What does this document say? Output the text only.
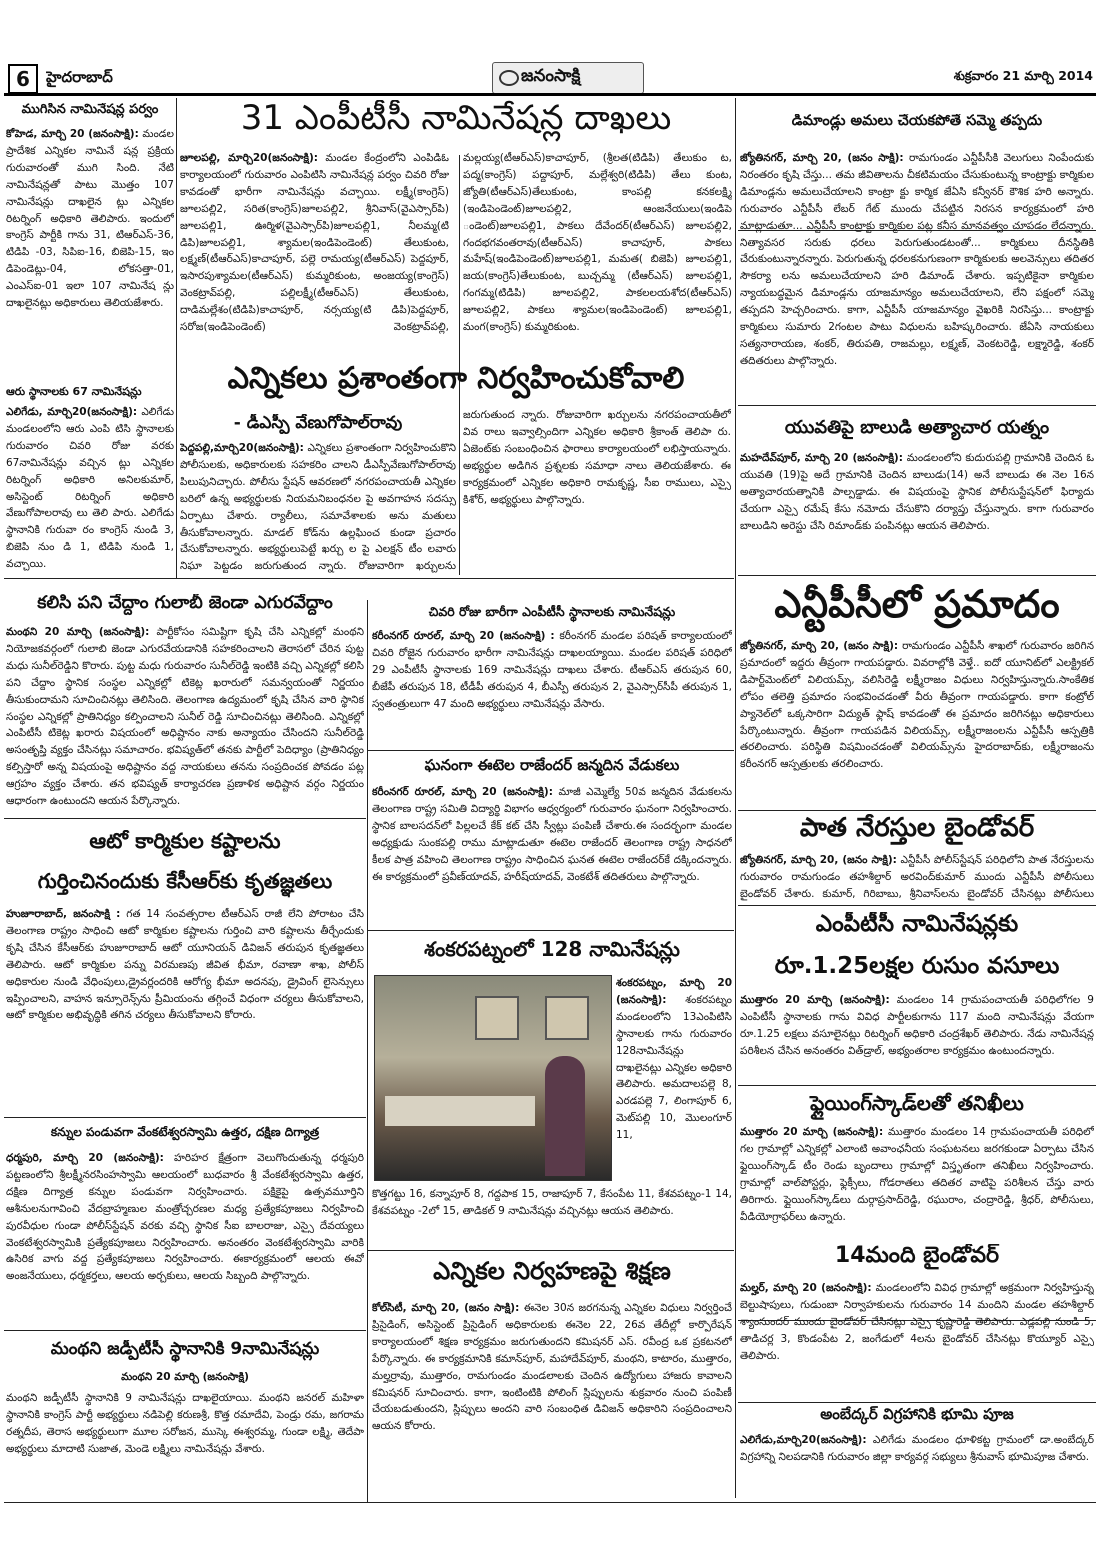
6	హైదరాబాద్	జనంసాక్షి	శుక్రవారం 21 మార్చి 2014
ముగిసిన నామినేషన్ల పర్వం
కోహెడ, మార్చి 20 (జనంసాక్షి): మండల ప్రాదేశిక ఎన్నికల నామినే షన్ల ప్రక్రియ గురువారంతో ముగి సింది. నేటి నామినేషన్లతో పాటు మొత్తం 107 నామినేషన్లు దాఖలైన ట్లు ఎన్నికల రిటర్నింగ్ అధికారి తెలిపారు. ఇందులో కాంగ్రెస్ పార్టీకి గాను 31, టిఆర్ఎస్-36, టిడిపి -03, సిపిఐ-16, బిజెపి-15, ఇం డిపెండెట్లు-04, లోకసత్తా-01, ఎంఎస్ఐ-01 ఇలా 107 నామినేష న్లు దాఖలైనట్లు అధికారులు తెలియజేశారు.
ఆరు స్థానాలకు 67 నామినేషన్లు
ఎలిగేడు, మార్చి20(జనంసాక్షి): ఎలిగేడు మండలంలోని ఆరు ఎంపి టిసి స్థానాలకు గురువారం చివరి రోజు వరకు 67నామినేషన్లు వచ్చిన ట్లు ఎన్నికల రిటర్నింగ్ అధికారి అనిలకుమార్, అసిస్టెంట్ రిటర్నింగ్ అధికారి వేణుగోపాలరావు లు తెలి పారు. ఎలిగేడు స్థానానికి గురువా రం కాంగ్రెస్ నుండి 3, బిజెపి నుం డి 1, టిడిపి నుండి 1, వచ్చాయి.
31 ఎంపీటీసీ నామినేషన్ల దాఖలు
జూలపల్లి, మార్చి20(జనంసాక్షి): మండల కేంద్రంలోని ఎంపిడిఓ కార్యాలయంలో గురువారం ఎంపిటిసి నామినేషన్ల పర్వం చివరి రోజు కావడంతో భారీగా నామినేషన్లు వచ్చాయి. లక్ష్మీ(కాంగ్రెస్) జూలపల్లి2, సరిత(కాంగ్రెస్)జూలపల్లి2, శ్రీనివాస్(వైఎస్సార్‌పి) జూలపల్లి1, ఊర్మిళ(వైఎస్సార్‌పి)జూలపల్లి1, నీలమ్మ(టి డిపి)జూలపల్లి1, శ్యామల(ఇండిపెండెంట్) తేలుకుంట, లక్ష్మణ్(టీఆర్ఎస్)కాచాపూర్, పల్లె రామయ్య(టీఆర్ఎస్) పెద్దపూర్, ఇసారపుశ్యామల(టీఆర్ఎస్) కుమ్మరికుంట, అంజయ్య(కాంగ్రెస్) వెంకట్రావ్‌పల్లి, పల్లిలక్ష్మీ(టీఆర్ఎస్) తేలుకుంట, దాడిమల్లేశం(టిడిపి)కాచాపూర్, నర్సయ్య(టి డిపి)పెద్దపూర్, సరోజ(ఇండిపెండెంట్) వెంకట్రావ్‌పల్లి, మల్లయ్య(టీఆర్ఎస్)కాచాపూర్, (శ్రీలత(టిడిపి) తేలుకుం ట, పద్మ(కాంగ్రెస్) పద్దాపూర్, మల్లేశ్వరి(టిడిపి) తేలు కుంట, జ్యోతి(టీఆర్ఎస్)తేలుకుంట, కాంపల్లి కనకలక్ష్మి (ఇండిపెండెంట్)జూలపల్లి2, ఆంజనేయులు(ఇండిపె ండెంట్)జూలపల్లి1, పాకలు దేవేందర్(టీఆర్ఎస్) జూలపల్లి2, గందభగవంతరావు(టీఆర్ఎస్) కాచాపూర్, పాకలు మహేష్(ఇండిపెండెంట్)జూలపల్లి1, మమత( బిజెపి) జూలపల్లి1, జయ(కాంగ్రెస్)తేలుకుంట, బుచ్చమ్మ (టీఆర్ఎస్) జూలపల్లి1, గంగమ్మ(టిడిపి) జూలపల్లి2, పాకలలయశోద(టీఆర్ఎస్) జూలపల్లి2, పాకలు శ్యామల(ఇండిపెండెంట్) జూలపల్లి1, మంగ(కాంగ్రెస్) కుమ్మరికుంట.
ఎన్నికలు ప్రశాంతంగా నిర్వహించుకోవాలి
- డీఎస్పీ వేణుగోపాల్‌రావు
పెద్దపల్లి,మార్చి20(జనంసాక్షి): ఎన్నికలు ప్రశాంతంగా నిర్వహించుకొని పోలీసులకు, అధికారులకు సహకరిం చాలని డీఎస్పీవేణుగోపాల్‌రావు పిలుపునిచ్చారు. పోలీసు స్టేషన్ ఆవరణలో నగరపంచాయతీ ఎన్నికల బరిలో ఉన్న అభ్యర్థులకు నియమనిబంధనల పై అవగాహన సదస్సు ఏర్పాటు చేశారు. ర్యాలీలు, సమావేశాలకు అను మతులు తీసుకోవాలన్నారు. మాడల్ కోడ్‌ను ఉల్లఘించ కుండా ప్రచారం చేసుకోవాలన్నారు. అభ్యర్థులుపెట్టే ఖర్చు ల పై ఎలక్షన్ టీం లవారు నిఘా పెట్టడం జరుగుతుంద న్నారు. రోజువారిగా ఖర్చులను
జరుగుతుంద న్నారు. రోజువారిగా ఖర్చులను నగరపంచాయతీలో వివ రాలు ఇవ్వాల్సిందిగా ఎన్నికల అధికారి శ్రీకాంత్ తెలిపా రు. ఏజెంట్‌కు సంబంధించిన ఫారాలు కార్యాలయంలో లభిస్తాయన్నారు. అభ్యర్థుల అడిగిన ప్రశ్నలకు సమాధా నాలు తెలియజేశారు. ఈ కార్యక్రమంలో ఎన్నికల అధికారి రామకృష్ణ, సీఐ రాములు, ఎస్సై కిశోర్, అభ్యర్థులు పాల్గొన్నారు.
కలిసి పని చేద్దాం గులాబీ జెండా ఎగురవేద్దాం
మంథని 20 మార్చి (జనంసాక్షి): పార్టీకోసం సమిష్టిగా కృషి చేసి ఎన్నికల్లో మంథని నియోజకవర్గంలో గులాబి జెండా ఎగురవేయడానికి సహకరించాలని తెరాసలో చేరిన పుట్ట మధు సునీల్‌రెడ్డిని కొరారు. పుట్ట మధు గురువారం సునీల్‌రెడ్డి ఇంటికి వచ్చి ఎన్నికల్లో కలిసి పని చేద్దాం స్థానిక సంస్థల ఎన్నికల్లో టికెట్ల ఖరారులో సమన్వయంతో నిర్ణయం తీసుకుందామని సూచించినట్లు తెలిసింది. తెలంగాణ ఉద్యమంలో కృషి చేసిన వారి స్థానిక సంస్థల ఎన్నికల్లో ప్రాతినిధ్యం కల్పించాలని సునీల్ రెడ్డి సూచించినట్లు తెలిసింది. ఎన్నికల్లో ఎంపిటీసీ టికెట్ల ఖరారు విషయంలో అధిష్టానం నాకు అన్యాయం చేసిందని సునీల్‌రెడ్డి అసంతృప్తి వ్యక్తం చేసినట్లు సమాచారం. భవిష్యత్‌లో తనకు పార్టీలో పెదిధ్యాం (ప్రాతినిధ్యం కల్పిస్తారో అన్న విషయంపై అధిష్టానం వద్ద నాయకులు తనను సంప్రదించక పోవడం పట్ల ఆగ్రహం వ్యక్తం చేశారు. తన భవిష్యత్ కార్యాచరణ ప్రణాళిక అధిష్టాన వర్గం నిర్ణయం ఆధారంగా ఉంటుందని ఆయన పేర్కొన్నారు.
ఆటో కార్మికుల కష్టాలను
గుర్తించినందుకు కేసీఆర్‌కు కృతజ్ఞతలు
హుజూరాబాద్, జనంసాక్షి : గత 14 సంవత్సరాల టీఆర్ఎస్ రాజీ లేని పోరాటం చేసి తెలంగాణ రాష్ట్రం సాధించి ఆటో కార్మికుల కష్టాలను గుర్తించి వారి కష్టాలను తీర్చేందుకు కృషి చేసిన కేసీఆర్‌కు హుజూరాబాద్ ఆటో యూనియన్ డివిజన్ తరుపున కృతజ్ఞతలు తెలిపారు. ఆటో కార్మికుల పన్ను విరమణపు జీవిత భీమా, రవాణా శాఖ, పోలీస్ అధికారుల నుండి వేధింపులు,డ్రైవర్లందరికి ఆరోగ్య భీమా అదనపు, డ్రైవింగ్ లైసెన్సులు ఇప్పించాలని, వాహన ఇన్సూరెన్స్‌ను ప్రీమియంను తగ్గించే విధంగా చర్యలు తీసుకోవాలని, ఆటో కార్మికుల అభివృద్ధికి తగిన చర్యలు తీసుకోవాలని కోరారు.
కన్నుల పండువగా వేంకటేశ్వరస్వామి ఉత్తర, దక్షిణ దిగ్యాత్ర
ధర్మపురి, మార్చి 20 (జనంసాక్షి): హరిహర క్షేత్రంగా వెలుగొందుతున్న ధర్మపురి పట్టణంలోని శ్రీలక్ష్మీనరసింహస్వామి ఆలయంలో బుధవారం శ్రీ వేంకటేశ్వరస్వామి ఉత్తర, దక్షిణ దిగ్యాత్ర కన్నుల పండువగా నిర్వహించారు. పక్షికైపై ఉత్సవమూర్తిని ఆశీనులనుగావించి వేదబ్రాహ్మణుల మంత్రోచ్చరణల మధ్య ప్రత్యేకపూజలు నిర్వహించి పురవీధుల గుండా పోలీస్‌స్టేషన్ వరకు వచ్చి స్థానిక సీఐ బాలరాజు, ఎస్సై దేవయ్యలు వెంకటేశ్వరస్వామికి ప్రత్యేకపూజలు నిర్వహించారు. అనంతరం వెంకటేశ్వరస్వామి వారికి ఉసిరిక వాగు వద్ద ప్రత్యేకపూజలు నిర్వహించారు. ఈకార్యక్రమంలో ఆలయ ఈవో అంజనేయులు, ధర్మకర్తలు, ఆలయ అర్చకులు, ఆలయ సిబ్బంది పాల్గొన్నారు.
మంథని జడ్పీటీసీ స్థానానికి 9నామినేషన్లు
మంథని 20 మార్చి (జనంసాక్షి)
మంథని జడ్పీటీసీ స్థానానికి 9 నామినేషన్లు దాఖలైయాయి. మంథని జనరల్ మహిళా స్థానానికి కాంగ్రెస్ పార్టీ అభ్యర్థులు నడిపెల్లి కరుణశ్రీ, కొత్త రమాదేవి, పెండ్రు రమ, జగరామ రత్నదీప, తెరాస అభ్యర్థులుగా మూల సరోజన, ముస్కె ఈశ్వరమ్మ, గుండా లక్ష్మి, తెదేపా అభ్యర్థులు మాదాటి సుజాత, మెండె లక్ష్మిలు నామినేషన్లు వేశారు.
చివరి రోజు బారీగా ఎంపీటీసీ స్థానాలకు నామినేషన్లు
కరీంనగర్ రూరల్, మార్చి 20 (జనంసాక్షి) : కరీంనగర్ మండల పరిషత్ కార్యాలయంలో చివరి రోజైన గురువారం భారీగా నామినేషన్లు దాఖలయ్యాయి. మండల పరిషత్ పరిధిలో 29 ఎంపీటీసీ స్థానాలకు 169 నామినేషన్లు దాఖలు చేశారు. టీఆర్ఎస్ తరుపున 60, బీజేపీ తరుపున 18, టీడీపీ తరుపున 4, బీఎస్పీ తరుపున 2, వైఎస్సార్‌సీపీ తరుపున 1, స్వతంత్రులుగా 47 మంది అభ్యర్థులు నామినేషన్లు వేసారు.
ఘనంగా ఈటెల రాజేందర్ జన్మదిన వేడుకలు
కరీంనగర్ రూరల్, మార్చి 20 (జనంసాక్షి): మాజీ ఎమ్మెల్యే 50వ జన్మదిన వేడుకలను తెలంగాణ రాష్ట్ర సమితి విద్యార్థి విభాగం ఆధ్వర్యంలో గురువారం ఘనంగా నిర్వహించారు. స్థానిక బాలసదన్‌లో పిల్లలచే కేక్ కట్ చేసి స్వీట్లు పంపిణీ చేశారు.ఈ సందర్భంగా మండల అధ్యక్షుడు సుంకపల్లి రాము మాట్లాడుతూ ఈటెల రాజేందర్ తెలంగాణ రాష్ట్ర సాధనలో కీలక పాత్ర వహించి తెలంగాణ రాష్ట్రం సాధించిన ఘనత ఈటెల రాజేందర్‌కే దక్కిందన్నారు. ఈ కార్యక్రమంలో ప్రవీణ్‌యాదవ్, హరీష్‌యాదవ్, వెంకటేశ్ తదితరులు పాల్గొన్నారు.
శంకరపట్నంలో 128 నామినేషన్లు
శంకరపట్నం, మార్చి 20 (జనంసాక్షి): శంకరపట్నం మండలంలోని 13ఎంపిటిసి స్థానాలకు గాను గురువారం 128నామినేషన్లు దాఖలైనట్లు ఎన్నికల అధికారి తెలిపారు. అమదాలపల్లె 8, ఎరడపల్లె 7, లింగాపూర్ 6, మెట్‌పల్లి 10, మొలంగూర్ 11,
కొత్తగట్టు 16, కన్నాపూర్ 8, గద్దపాక 15, రాజాపూర్ 7, కేసంపేట 11, కేశవపట్నం-1 14, కేశవపట్నం -2లో 15, తాడికల్ 9 నామినేషన్లు వచ్చినట్లు ఆయన తెలిపారు.
ఎన్నికల నిర్వహణపై శిక్షణ
కోల్‌సిటీ, మార్చి 20, (జనం సాక్షి): ఈనెల 30న జరగనున్న ఎన్నికల విధులు నిర్వర్తించే ప్రిసైడింగ్, అసిస్టెంట్ ప్రిసైడింగ్ అధికారులకు ఈనెల 22, 26వ తేదీల్లో కార్పొరేషన్ కార్యాలయంలో శిక్షణ కార్యక్రమం జరుగుతుందని కమిషనర్ ఎస్. రవీంద్ర ఒక ప్రకటనలో పేర్కొన్నారు. ఈ కార్యక్రమానికి కమాన్‌పూర్, మహాదేవ్‌పూర్, మంథని, కాటారం, ముత్తారం, మల్హర్రావు, ముత్తారం, రామగుండం మండలాలకు చెందిన ఉద్యోగులు హాజరు కావాలని కమిషనర్ సూచించారు. కాగా, ఇంటింటికి పోలింగ్ స్లిప్పులను శుక్రవారం నుంచి పంపిణీ చేయబడుతుందని, స్లిప్పులు అందని వారి సంబంధిత డివిజన్ అధికారిని సంప్రదించాలని ఆయన కోరారు.
డిమాండ్లు అమలు చేయకపోతే సమ్మె తప్పదు
జ్యోతినగర్, మార్చి 20, (జనం సాక్షి): రామగుండం ఎన్టీపీసీకి వెలుగులు నింపేందుకు నిరంతరం కృషి చేస్తు... తమ జీవితాలను చీకటిమయం చేసుకుంటున్న కాంట్రాక్టు కార్మికుల డిమాండ్లను అమలుచేయాలని కాంట్రా క్టు కార్మిక జేఏసి కన్వీనర్ కౌశిక హరి అన్నారు. గురువారం ఎన్టీపీసీ లేబర్ గేట్ ముందు చేపట్టిన నిరసన కార్యక్రమంలో హరి మాట్లాడుతూ... ఎన్టీపీసీ కాంట్రాక్టు కార్మికుల పట్ల కనీస మానవత్వం చూపడం లేదన్నారు. నిత్యావసర సరుకు ధరలు పెరుగుతుండటంతో... కార్మికులు దీనస్థితికి చేరుకుంటున్నారన్నారు. పెరుగుతున్న ధరలకనుగుణంగా కార్మికులకు అలవెన్సులు తదితర సౌకర్యా లను అమలుచేయాలని హరి డిమాండ్ చేశారు. ఇప్పటికైనా కార్మికుల న్యాయబద్ధమైన డిమాండ్లను యాజమాన్యం అమలుచేయాలని, లేని పక్షంలో సమ్మె తప్పదని హెచ్చరించారు. కాగా, ఎన్టీపీసీ యాజమాన్యం వైఖరికి నిరసిస్తు... కాంట్రాక్టు కార్మికులు సుమారు 2గంటల పాటు విధులను బహిష్కరించారు. జేఏసి నాయకులు సత్యనారాయణ, శంకర్, తిరుపతి, రాజమల్లు, లక్ష్మణ్, వెంకటరెడ్డి, లక్ష్మారెడ్డి, శంకర్ తదితరులు పాల్గొన్నారు.
యువతిపై బాలుడి అత్యాచార యత్నం
మహదేవ్‌పూర్, మార్చి 20 (జనంసాక్షి): మండలంలోని కుదురుపల్లి గ్రామానికి చెందిన ఓ యువతి (19)పై అదే గ్రామానికి చెందిన బాలుడు(14) అనే బాలుడు ఈ నెల 16న అత్యాచారయత్నానికి పాల్పడ్డాడు. ఈ విషయంపై స్థానిక పోలీసుస్టేషన్‌లో ఫిర్యాదు చేయగా ఎస్సై రమేష్ కేసు నమోదు చేసుకొని దర్యాప్తు చేస్తున్నారు. కాగా గురువారం బాలుడిని అరెస్టు చేసి రిమాండ్‌కు పంపినట్లు ఆయన తెలిపారు.
ఎన్టీపీసీలో ప్రమాదం
జ్యోతినగర్, మార్చి 20, (జనం సాక్షి): రామగుండం ఎన్టీపీసీ శాఖలో గురువారం జరిగిన ప్రమాదంలో ఇద్దరు తీవ్రంగా గాయపడ్డారు. వివరాల్లోకి వెళ్తే.. ఐదో యూనిట్‌లో ఎలక్ట్రికల్ డిపార్ట్‌మెంట్‌లో విలియమ్స్, వలిసిరెడ్డి లక్ష్మీరాజం విధులు నిర్వహిస్తున్నారు.సాంకేతిక లోపం తలెత్తి ప్రమాదం సంభవించడంతో వీరు తీవ్రంగా గాయపడ్డారు. కాగా కంట్రోల్ ప్యానెల్‌లో ఒక్కసారిగా విద్యుత్ ఫ్లాష్ కావడంతో ఈ ప్రమాదం జరిగినట్లు అధికారులు పేర్కొంటున్నారు. తీవ్రంగా గాయపడిన విలియమ్స్, లక్ష్మీరాజంలను ఎన్టీపీసీ ఆస్పత్రికి తరలించారు. పరిస్థితి విషమించడంతో విలియమ్స్‌ను హైదరాబాద్‌కు, లక్ష్మీరాజంను కరీంనగర్ ఆస్పత్రులకు తరలించారు.
పాత నేరస్తుల బైండోవర్
జ్యోతినగర్, మార్చి 20, (జనం సాక్షి): ఎన్టీపీసీ పోలీస్‌స్టేషన్ పరిధిలోని పాత నేరస్తులను గురువారం రామగుండం తహశీల్దార్ అరవింద్‌కుమార్ ముందు ఎన్టీపీసీ పోలీసులు బైండోవర్ చేశారు. కుమార్, గిరిబాబు, శ్రీనివాస్‌లను బైండోవర్ చేసినట్లు పోలీసులు
ఎంపీటీసీ నామినేషన్లకు
రూ.1.25లక్షల రుసుం వసూలు
ముత్తారం 20 మార్చి (జనంసాక్షి): మండలం 14 గ్రామపంచాయతీ పరిధిలోగల 9 ఎంపిటీసీ స్థానాలకు గాను వివిధ పార్టీలకుగాను 117 మంది నామినేషన్లు వేయగా రూ.1.25 లక్షలు వసూలైనట్లు రిటర్నింగ్ అధికారి చంద్రశేఖర్ తెలిపారు. నేడు నామినేషన్ల పరిశీలన చేసిన అనంతరం విత్‌డ్రాల్, అభ్యంతరాల కార్యక్రమం ఉంటుందన్నారు.
ఫ్లైయింగ్‌స్కాడ్‌లతో తనిఖీలు
ముత్తారం 20 మార్చి (జనంసాక్షి): ముత్తారం మండలం 14 గ్రామపంచాయతీ పరిధిలో గల గ్రామాల్లో ఎన్నికల్లో ఎలాంటి అవాంఛనీయ సంఘటనలు జరగకుండా ఏర్పాటు చేసిన ఫ్లైయింగ్‌స్కాడ్ టీం రెండు బృందాలు గ్రామాల్లో విస్తృతంగా తనిఖీలు నిర్వహించారు. గ్రామాల్లో వాల్‌పోస్టర్లు, ఫ్లెక్సీలు, గోడరాతలు తదితర వాటిపై పరిశీలన చేస్తు వారు తిరిగారు. ఫ్లైయింగ్‌స్కాడ్‌లు దుర్గాప్రసాద్‌రెడ్డి, రఘురాం, చంద్రారెడ్డి, శ్రీధర్, పోలీసులు, వీడియోగ్రాఫర్‌లు ఉన్నారు.
14మంది బైండోవర్
మల్హర్, మార్చి 20 (జనంసాక్షి): మండలంలోని వివిధ గ్రామాల్లో అక్రమంగా నిర్వహిస్తున్న బెల్టుషాపులు, గుడుంబా నిర్వాహకులను గురువారం 14 మందిని మండల తహశీల్దార్ శ్యాంసుందర్ ముందు బైండోవర్ చేసినట్లు ఎస్సై కృష్ణారెడ్డి తెలిపారు. ఎడ్లపల్లి నుండి 5, తాడిచర్ల 3, కొండంపేట 2, జంగేడులో 4లను బైండోవర్ చేసినట్లు కొయ్యూర్ ఎస్సై తెలిపారు.
అంబేద్కర్ విగ్రహానికి భూమి పూజ
ఎలిగేడు,మార్చి20(జనంసాక్షి): ఎలిగేడు మండలం ధూళికట్ట గ్రామంలో డా.అంబేద్కర్ విగ్రహాన్ని నిలపడానికి గురువారం జిల్లా కార్యవర్గ సభ్యులు శ్రీనువాస్ భూమిపూజ చేశారు.
